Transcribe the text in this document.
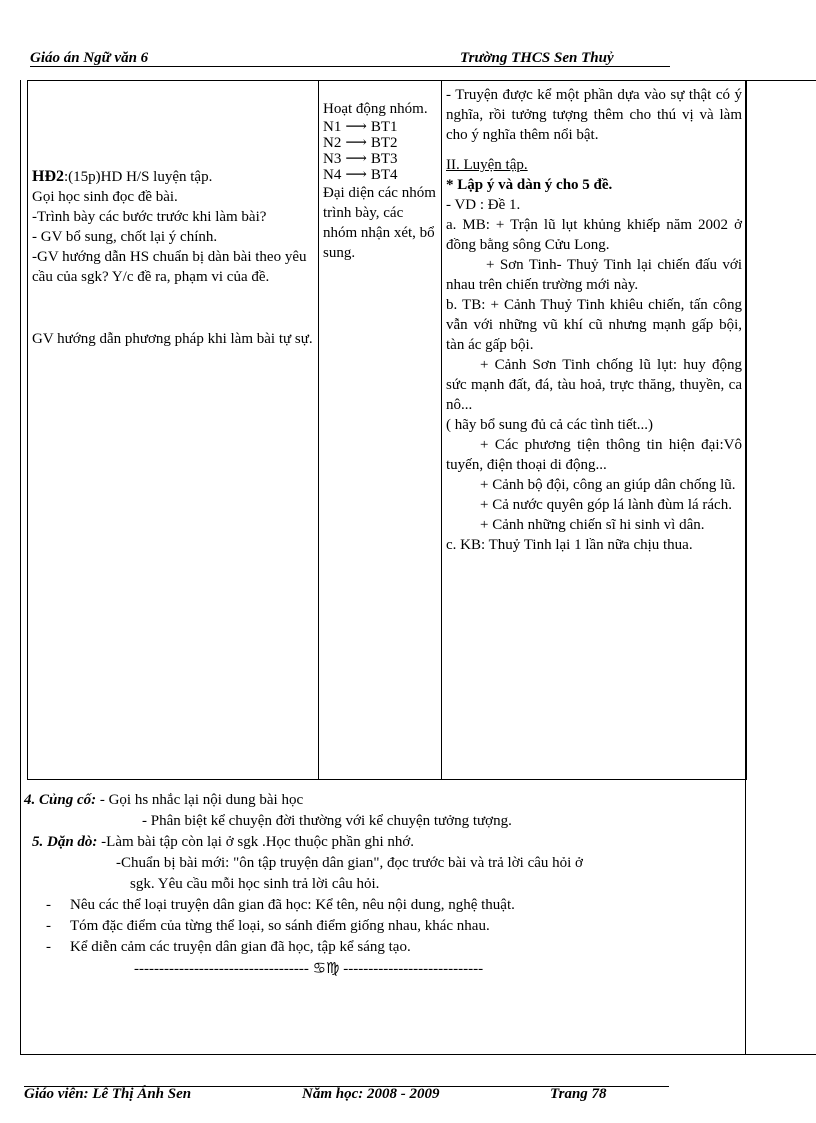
Giáo án Ngữ văn 6	Trường THCS Sen Thuỷ
HĐ2:(15p)HD H/S luyện tập.
Gọi học sinh đọc đề bài.
-Trình bày các bước trước khi làm bài?
- GV bổ sung, chốt lại ý chính.
-GV hướng dẫn HS chuẩn bị dàn bài theo yêu cầu của sgk? Y/c đề ra, phạm vi của đề.
GV hướng dẫn phương pháp khi làm bài tự sự.

Hoạt động nhóm.
N1 ⟶ BT1
N2 ⟶ BT2
N3 ⟶ BT3
N4 ⟶ BT4
Đại diện các nhóm trình bày, các nhóm nhận xét, bổ sung.

- Truyện được kể một phần dựa vào sự thật có ý nghĩa, rồi tưởng tượng thêm cho thú vị và làm cho ý nghĩa thêm nổi bật.
II. Luyện tập.
* Lập ý và dàn ý cho 5 đề.
- VD : Đề 1.
a. MB: + Trận lũ lụt khủng khiếp năm 2002 ở đồng bằng sông Cửu Long.
+ Sơn Tinh- Thuỷ Tinh lại chiến đấu với nhau trên chiến trường mới này.
b. TB: + Cảnh Thuỷ Tinh khiêu chiến, tấn công vẫn với những vũ khí cũ nhưng mạnh gấp bội, tàn ác gấp bội.
+ Cảnh Sơn Tinh chống lũ lụt: huy động sức mạnh đất, đá, tàu hoả, trực thăng, thuyền, ca nô...
( hãy bổ sung đủ cả các tình tiết...)
+ Các phương tiện thông tin hiện đại:Vô tuyến, điện thoại di động...
+ Cảnh bộ đội, công an giúp dân chống lũ.
+ Cả nước quyên góp lá lành đùm lá rách.
+ Cảnh những chiến sĩ hi sinh vì dân.
c. KB: Thuỷ Tinh lại 1 lần nữa chịu thua.

4. Củng cố: - Gọi hs nhắc lại nội dung bài học

- Phân biệt kể chuyện đời thường với kể chuyện tưởng tượng.

5. Dặn dò: -Làm bài tập còn lại ở sgk .Học thuộc phần ghi nhớ.

-Chuẩn bị bài mới: "ôn tập truyện dân gian", đọc trước bài và trả lời câu hỏi ở

sgk. Yêu cầu mỗi học sinh trả lời câu hỏi.

- Nêu các thể loại truyện dân gian đã học: Kể tên, nêu nội dung, nghệ thuật.

- Tóm đặc điểm của từng thể loại, so sánh điểm giống nhau, khác nhau.

- Kể diễn cảm các truyện dân gian đã học, tập kể sáng tạo.

----------------------------------- ♋♍ ----------------------------

Giáo viên: Lê Thị Ánh Sen	Năm học: 2008 - 2009	Trang 78
